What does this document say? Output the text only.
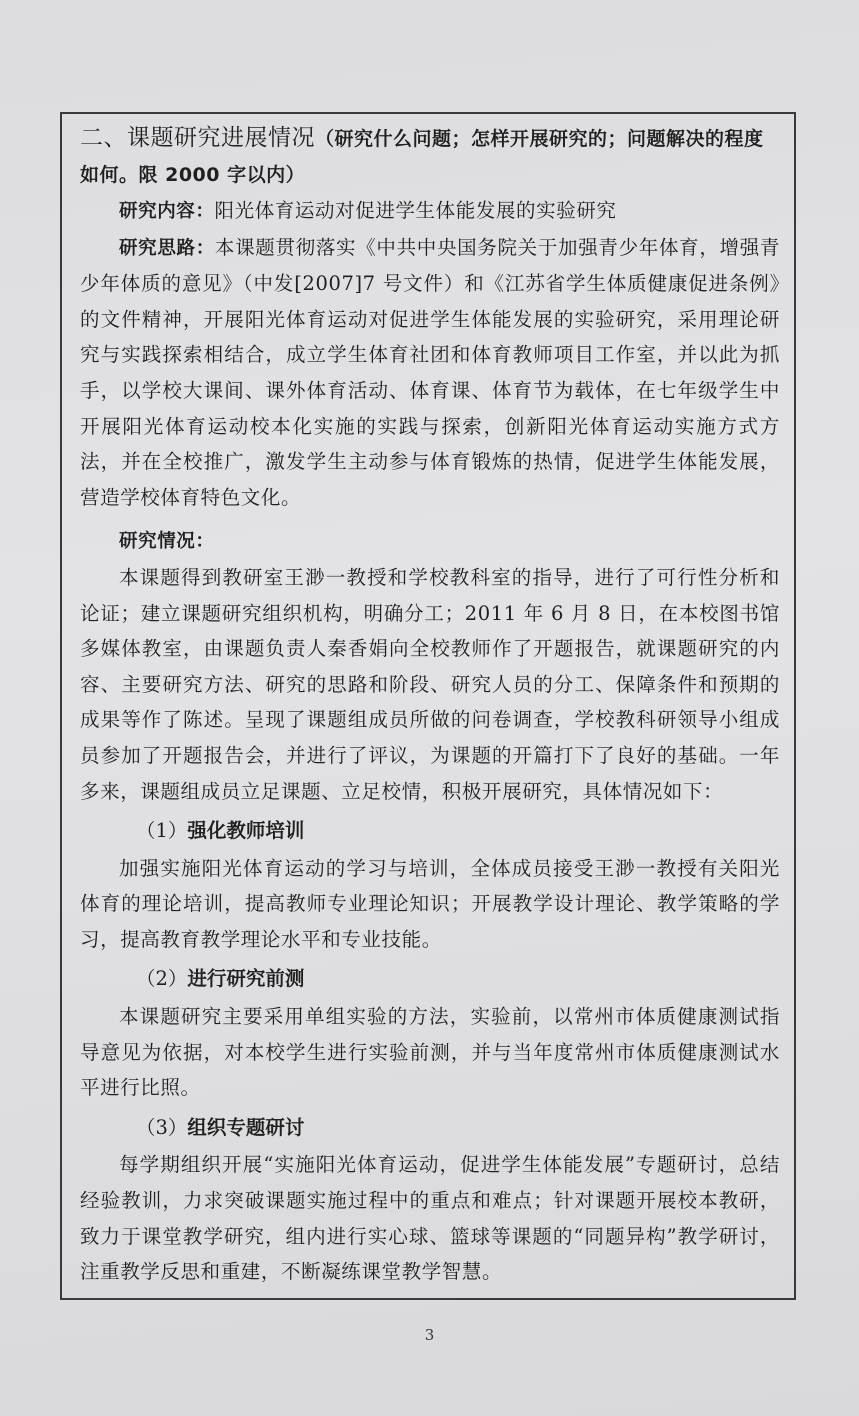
二、课题研究进展情况（研究什么问题；怎样开展研究的；问题解决的程度如何。限 2000 字以内）

研究内容：阳光体育运动对促进学生体能发展的实验研究

研究思路：本课题贯彻落实《中共中央国务院关于加强青少年体育，增强青少年体质的意见》（中发[2007]7 号文件）和《江苏省学生体质健康促进条例》的文件精神，开展阳光体育运动对促进学生体能发展的实验研究，采用理论研究与实践探索相结合，成立学生体育社团和体育教师项目工作室，并以此为抓手，以学校大课间、课外体育活动、体育课、体育节为载体，在七年级学生中开展阳光体育运动校本化实施的实践与探索，创新阳光体育运动实施方式方法，并在全校推广，激发学生主动参与体育锻炼的热情，促进学生体能发展，营造学校体育特色文化。

研究情况：

本课题得到教研室王渺一教授和学校教科室的指导，进行了可行性分析和论证；建立课题研究组织机构，明确分工；2011 年 6 月 8 日，在本校图书馆多媒体教室，由课题负责人秦香娟向全校教师作了开题报告，就课题研究的内容、主要研究方法、研究的思路和阶段、研究人员的分工、保障条件和预期的成果等作了陈述。呈现了课题组成员所做的问卷调查，学校教科研领导小组成员参加了开题报告会，并进行了评议，为课题的开篇打下了良好的基础。一年多来，课题组成员立足课题、立足校情，积极开展研究，具体情况如下：

（1）强化教师培训

加强实施阳光体育运动的学习与培训，全体成员接受王渺一教授有关阳光体育的理论培训，提高教师专业理论知识；开展教学设计理论、教学策略的学习，提高教育教学理论水平和专业技能。

（2）进行研究前测

本课题研究主要采用单组实验的方法，实验前，以常州市体质健康测试指导意见为依据，对本校学生进行实验前测，并与当年度常州市体质健康测试水平进行比照。

（3）组织专题研讨

每学期组织开展“实施阳光体育运动，促进学生体能发展”专题研讨，总结经验教训，力求突破课题实施过程中的重点和难点；针对课题开展校本教研，致力于课堂教学研究，组内进行实心球、篮球等课题的“同题异构”教学研讨，注重教学反思和重建，不断凝练课堂教学智慧。

3
